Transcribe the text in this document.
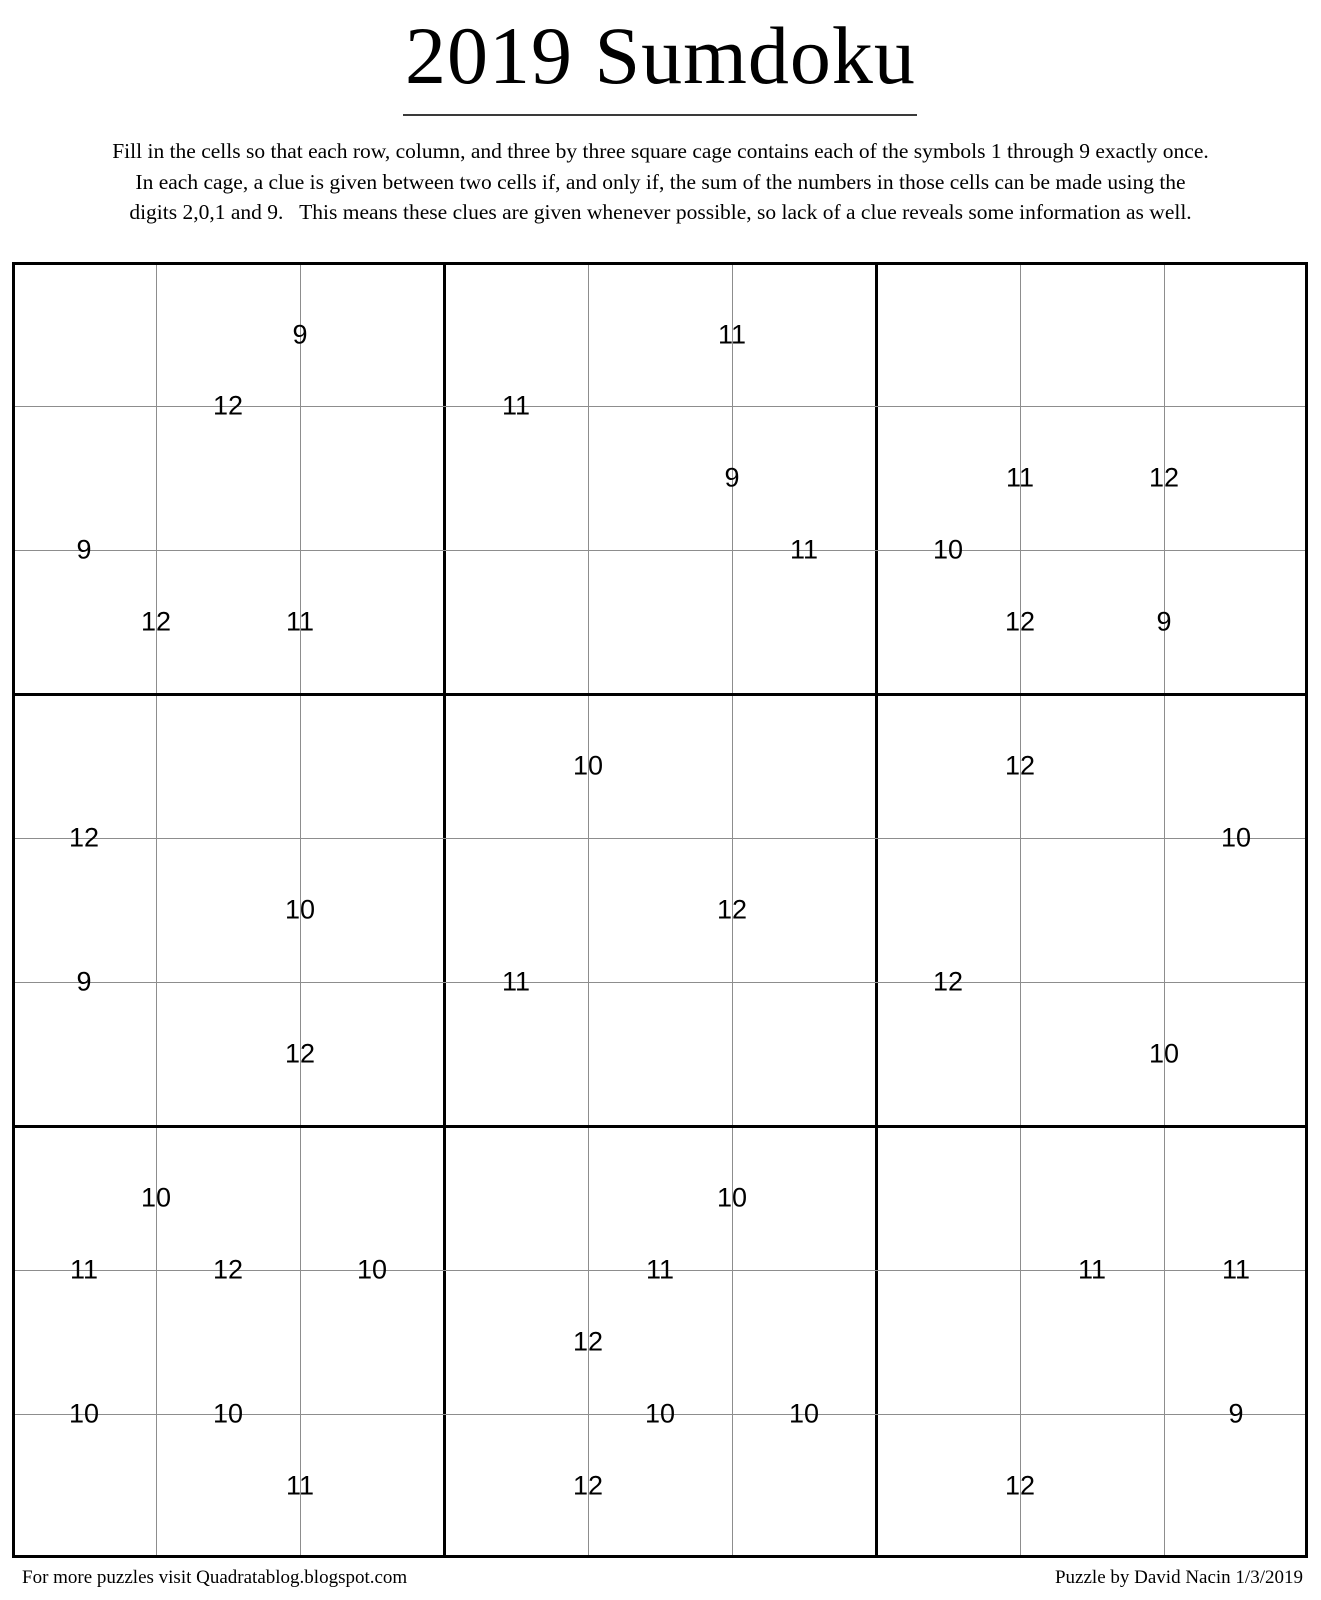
2019 Sumdoku
Fill in the cells so that each row, column, and three by three square cage contains each of the symbols 1 through 9 exactly once.
In each cage, a clue is given between two cells if, and only if, the sum of the numbers in those cells can be made using the
digits 2,0,1 and 9.   This means these clues are given whenever possible, so lack of a clue reveals some information as well.
9
12
9
12	11
11
11
9
11
11	12
10
12	9
12
10
9
12
10
12
11
12
10
12
10
10
11	12	10
10	10
11
10
11
12
10	10
12
11	11
9
12
For more puzzles visit Quadratablog.blogspot.com	Puzzle by David Nacin 1/3/2019
